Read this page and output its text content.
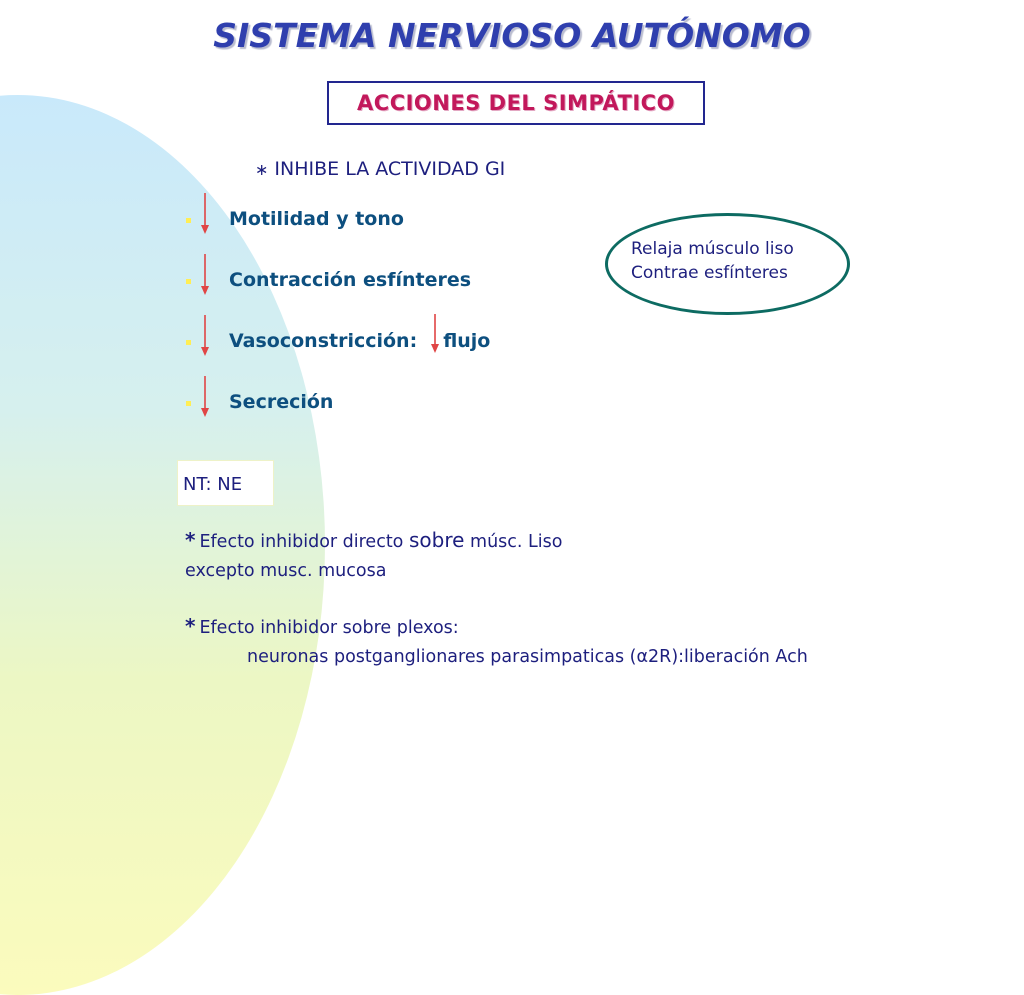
SISTEMA NERVIOSO AUTÓNOMO
ACCIONES DEL SIMPÁTICO
∗ INHIBE LA ACTIVIDAD GI
Motilidad y tono
Contracción esfínteres
Vasoconstricción: flujo
Secreción
Relaja músculo liso
Contrae esfínteres
NT: NE
* Efecto inhibidor directo sobre músc. Liso
excepto musc. mucosa
* Efecto inhibidor sobre plexos:
neuronas postganglionares parasimpaticas (α2R):liberación Ach
